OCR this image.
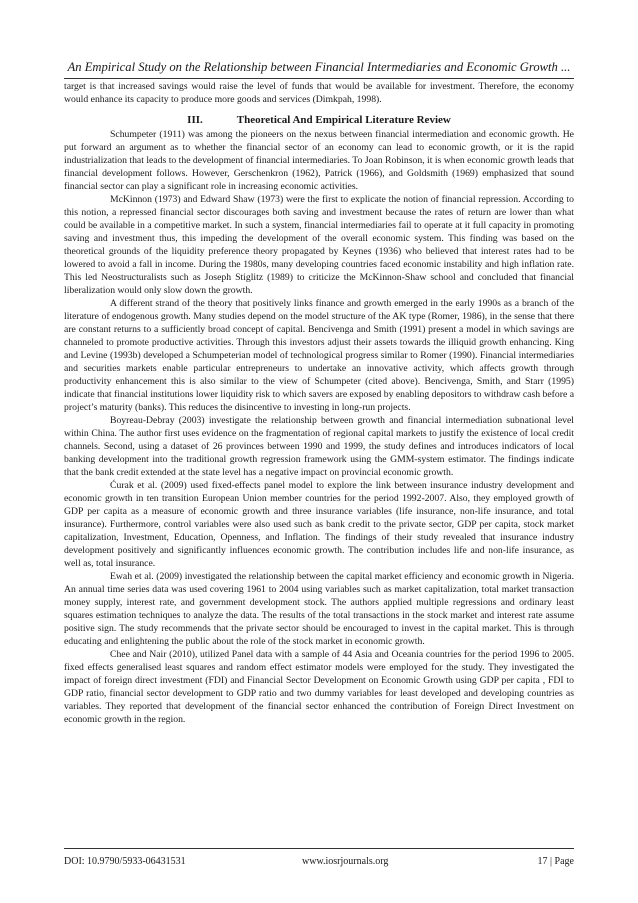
An Empirical Study on the Relationship between Financial Intermediaries and Economic Growth ...

target is that increased savings would raise the level of funds that would be available for investment. Therefore, the economy would enhance its capacity to produce more goods and services (Dimkpah, 1998).

III.	Theoretical And Empirical Literature Review

Schumpeter (1911) was among the pioneers on the nexus between financial intermediation and economic growth. He put forward an argument as to whether the financial sector of an economy can lead to economic growth, or it is the rapid industrialization that leads to the development of financial intermediaries. To Joan Robinson, it is when economic growth leads that financial development follows. However, Gerschenkron (1962), Patrick (1966), and Goldsmith (1969) emphasized that sound financial sector can play a significant role in increasing economic activities.

McKinnon (1973) and Edward Shaw (1973) were the first to explicate the notion of financial repression. According to this notion, a repressed financial sector discourages both saving and investment because the rates of return are lower than what could be available in a competitive market. In such a system, financial intermediaries fail to operate at it full capacity in promoting saving and investment thus, this impeding the development of the overall economic system. This finding was based on the theoretical grounds of the liquidity preference theory propagated by Keynes (1936) who believed that interest rates had to be lowered to avoid a fall in income. During the 1980s, many developing countries faced economic instability and high inflation rate. This led Neostructuralists such as Joseph Stiglitz (1989) to criticize the McKinnon-Shaw school and concluded that financial liberalization would only slow down the growth.

A different strand of the theory that positively links finance and growth emerged in the early 1990s as a branch of the literature of endogenous growth. Many studies depend on the model structure of the AK type (Romer, 1986), in the sense that there are constant returns to a sufficiently broad concept of capital. Bencivenga and Smith (1991) present a model in which savings are channeled to promote productive activities. Through this investors adjust their assets towards the illiquid growth enhancing. King and Levine (1993b) developed a Schumpeterian model of technological progress similar to Romer (1990). Financial intermediaries and securities markets enable particular entrepreneurs to undertake an innovative activity, which affects growth through productivity enhancement this is also similar to the view of Schumpeter (cited above). Bencivenga, Smith, and Starr (1995) indicate that financial institutions lower liquidity risk to which savers are exposed by enabling depositors to withdraw cash before a project’s maturity (banks). This reduces the disincentive to investing in long-run projects.

Boyreau-Debray (2003) investigate the relationship between growth and financial intermediation subnational level within China. The author first uses evidence on the fragmentation of regional capital markets to justify the existence of local credit channels. Second, using a dataset of 26 provinces between 1990 and 1999, the study defines and introduces indicators of local banking development into the traditional growth regression framework using the GMM-system estimator. The findings indicate that the bank credit extended at the state level has a negative impact on provincial economic growth.

Ćurak et al. (2009) used fixed-effects panel model to explore the link between insurance industry development and economic growth in ten transition European Union member countries for the period 1992-2007. Also, they employed growth of GDP per capita as a measure of economic growth and three insurance variables (life insurance, non-life insurance, and total insurance). Furthermore, control variables were also used such as bank credit to the private sector, GDP per capita, stock market capitalization, Investment, Education, Openness, and Inflation. The findings of their study revealed that insurance industry development positively and significantly influences economic growth. The contribution includes life and non-life insurance, as well as, total insurance.

Ewah et al. (2009) investigated the relationship between the capital market efficiency and economic growth in Nigeria. An annual time series data was used covering 1961 to 2004 using variables such as market capitalization, total market transaction money supply, interest rate, and government development stock. The authors applied multiple regressions and ordinary least squares estimation techniques to analyze the data. The results of the total transactions in the stock market and interest rate assume positive sign. The study recommends that the private sector should be encouraged to invest in the capital market. This is through educating and enlightening the public about the role of the stock market in economic growth.

Chee and Nair (2010), utilized Panel data with a sample of 44 Asia and Oceania countries for the period 1996 to 2005. fixed effects generalised least squares and random effect estimator models were employed for the study. They investigated the impact of foreign direct investment (FDI) and Financial Sector Development on Economic Growth using GDP per capita , FDI to GDP ratio, financial sector development to GDP ratio and two dummy variables for least developed and developing countries as variables. They reported that development of the financial sector enhanced the contribution of Foreign Direct Investment on economic growth in the region.

DOI: 10.9790/5933-06431531	www.iosrjournals.org	17 | Page
